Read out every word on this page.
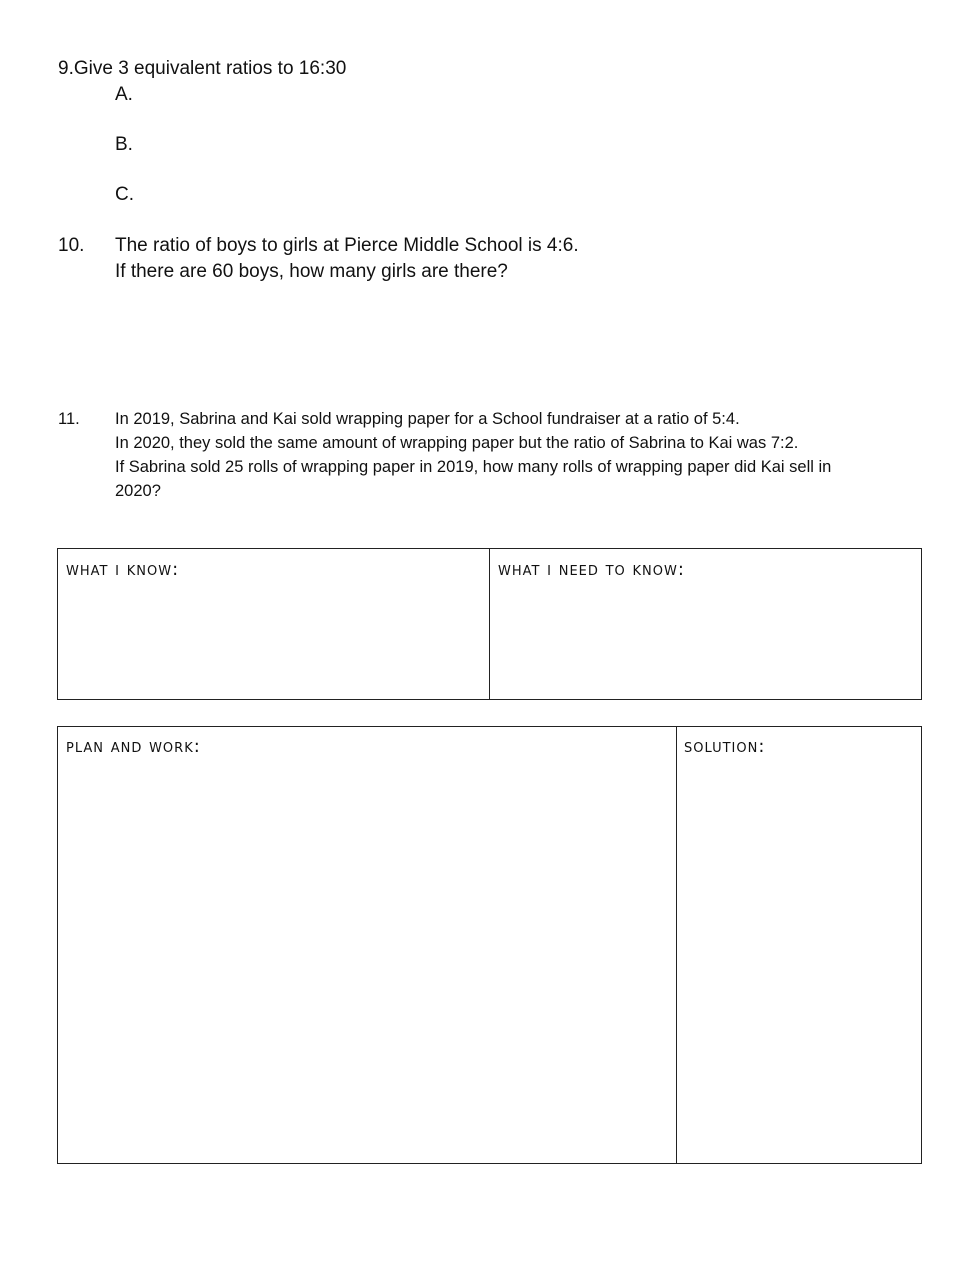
9.Give 3 equivalent ratios to 16:30
A.
B.
C.
10. The ratio of boys to girls at Pierce Middle School is 4:6.
If there are 60 boys, how many girls are there?
11. In 2019, Sabrina and Kai sold wrapping paper for a School fundraiser at a ratio of 5:4.
In 2020, they sold the same amount of wrapping paper but the ratio of Sabrina to Kai was 7:2.
If Sabrina sold 25 rolls of wrapping paper in 2019, how many rolls of wrapping paper did Kai sell in
2020?
what i know:	what i need to know:
plan and work:	solution:
